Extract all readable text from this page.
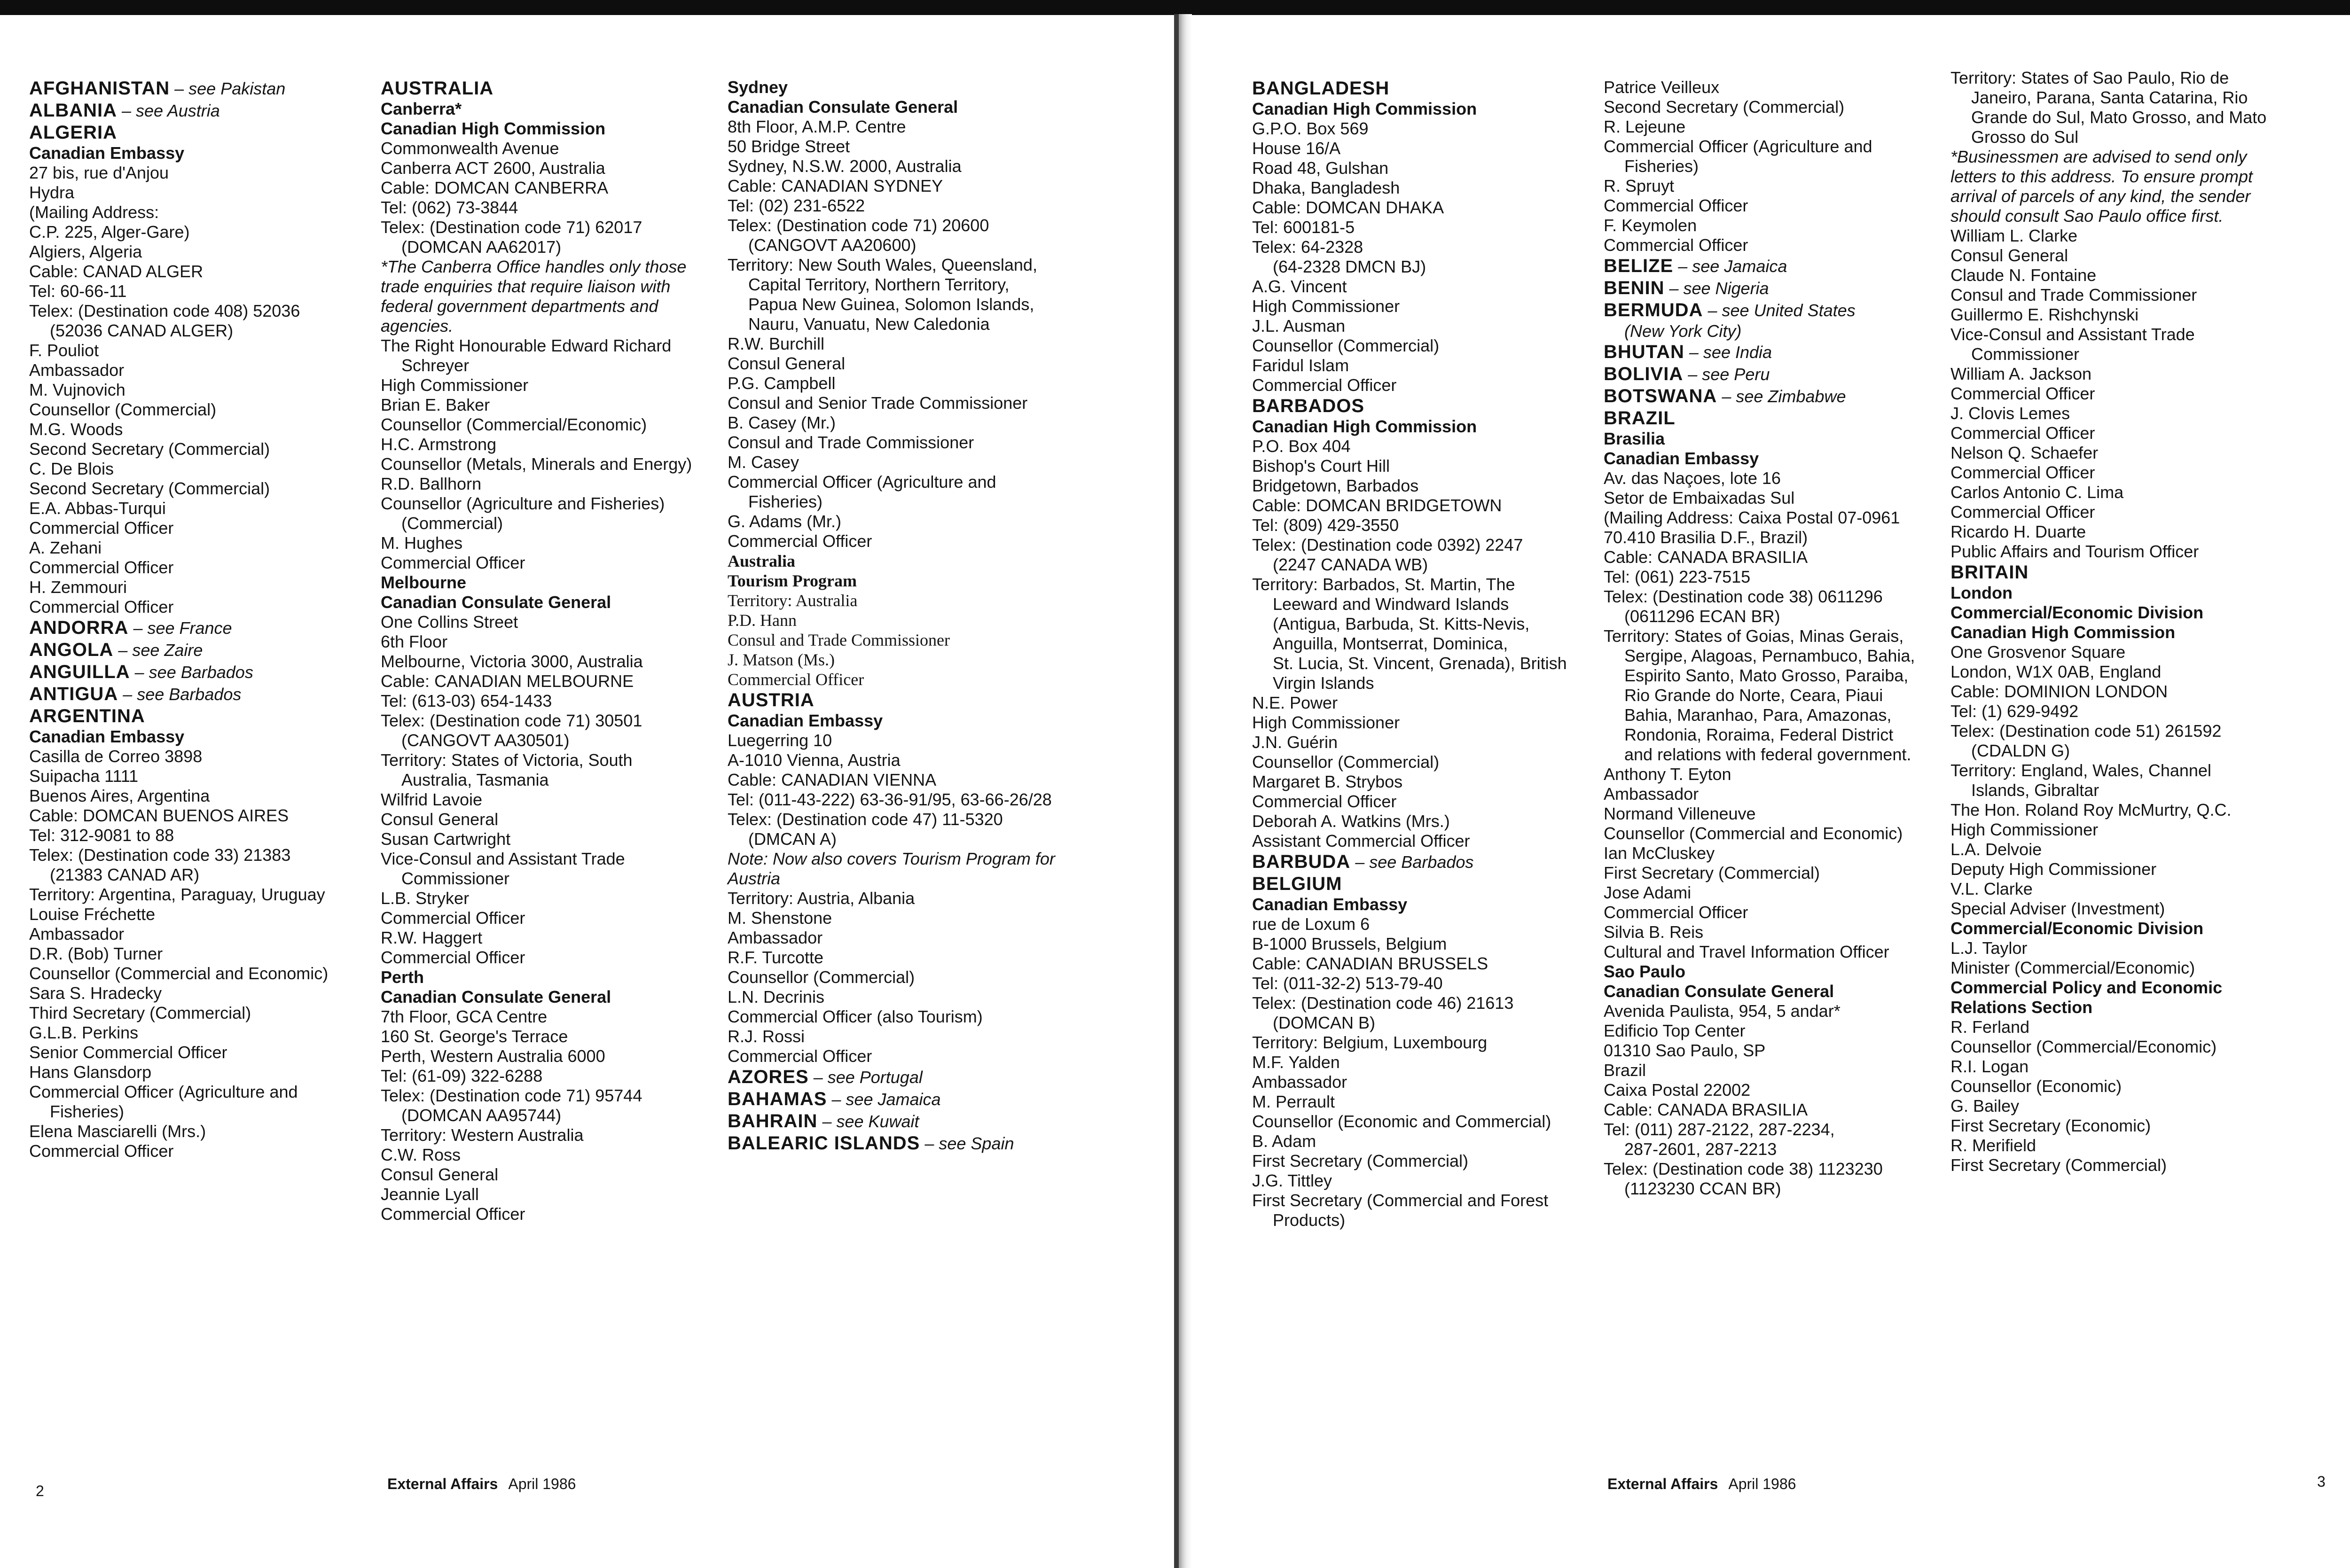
AFGHANISTAN – see Pakistan
ALBANIA – see Austria
ALGERIA
Canadian Embassy
27 bis, rue d'Anjou
Hydra
(Mailing Address:
C.P. 225, Alger-Gare)
Algiers, Algeria
Cable: CANAD ALGER
Tel: 60-66-11
Telex: (Destination code 408) 52036
(52036 CANAD ALGER)
F. Pouliot
Ambassador
M. Vujnovich
Counsellor (Commercial)
M.G. Woods
Second Secretary (Commercial)
C. De Blois
Second Secretary (Commercial)
E.A. Abbas-Turqui
Commercial Officer
A. Zehani
Commercial Officer
H. Zemmouri
Commercial Officer
ANDORRA – see France
ANGOLA – see Zaire
ANGUILLA – see Barbados
ANTIGUA – see Barbados
ARGENTINA
Canadian Embassy
Casilla de Correo 3898
Suipacha 1111
Buenos Aires, Argentina
Cable: DOMCAN BUENOS AIRES
Tel: 312-9081 to 88
Telex: (Destination code 33) 21383
(21383 CANAD AR)
Territory: Argentina, Paraguay, Uruguay
Louise Fréchette
Ambassador
D.R. (Bob) Turner
Counsellor (Commercial and Economic)
Sara S. Hradecky
Third Secretary (Commercial)
G.L.B. Perkins
Senior Commercial Officer
Hans Glansdorp
Commercial Officer (Agriculture and
Fisheries)
Elena Masciarelli (Mrs.)
Commercial Officer
AUSTRALIA
Canberra*
Canadian High Commission
Commonwealth Avenue
Canberra ACT 2600, Australia
Cable: DOMCAN CANBERRA
Tel: (062) 73-3844
Telex: (Destination code 71) 62017
(DOMCAN AA62017)
*The Canberra Office handles only those trade enquiries that require liaison with federal government departments and agencies.
The Right Honourable Edward Richard
Schreyer
High Commissioner
Brian E. Baker
Counsellor (Commercial/Economic)
H.C. Armstrong
Counsellor (Metals, Minerals and Energy)
R.D. Ballhorn
Counsellor (Agriculture and Fisheries)
(Commercial)
M. Hughes
Commercial Officer
Melbourne
Canadian Consulate General
One Collins Street
6th Floor
Melbourne, Victoria 3000, Australia
Cable: CANADIAN MELBOURNE
Tel: (613-03) 654-1433
Telex: (Destination code 71) 30501
(CANGOVT AA30501)
Territory: States of Victoria, South
Australia, Tasmania
Wilfrid Lavoie
Consul General
Susan Cartwright
Vice-Consul and Assistant Trade
Commissioner
L.B. Stryker
Commercial Officer
R.W. Haggert
Commercial Officer
Perth
Canadian Consulate General
7th Floor, GCA Centre
160 St. George's Terrace
Perth, Western Australia 6000
Tel: (61-09) 322-6288
Telex: (Destination code 71) 95744
(DOMCAN AA95744)
Territory: Western Australia
C.W. Ross
Consul General
Jeannie Lyall
Commercial Officer
Sydney
Canadian Consulate General
8th Floor, A.M.P. Centre
50 Bridge Street
Sydney, N.S.W. 2000, Australia
Cable: CANADIAN SYDNEY
Tel: (02) 231-6522
Telex: (Destination code 71) 20600
(CANGOVT AA20600)
Territory: New South Wales, Queensland,
Capital Territory, Northern Territory,
Papua New Guinea, Solomon Islands,
Nauru, Vanuatu, New Caledonia
R.W. Burchill
Consul General
P.G. Campbell
Consul and Senior Trade Commissioner
B. Casey (Mr.)
Consul and Trade Commissioner
M. Casey
Commercial Officer (Agriculture and
Fisheries)
G. Adams (Mr.)
Commercial Officer
Australia
Tourism Program
Territory: Australia
P.D. Hann
Consul and Trade Commissioner
J. Matson (Ms.)
Commercial Officer
AUSTRIA
Canadian Embassy
Luegerring 10
A-1010 Vienna, Austria
Cable: CANADIAN VIENNA
Tel: (011-43-222) 63-36-91/95, 63-66-26/28
Telex: (Destination code 47) 11-5320
(DMCAN A)
Note: Now also covers Tourism Program for Austria
Territory: Austria, Albania
M. Shenstone
Ambassador
R.F. Turcotte
Counsellor (Commercial)
L.N. Decrinis
Commercial Officer (also Tourism)
R.J. Rossi
Commercial Officer
AZORES – see Portugal
BAHAMAS – see Jamaica
BAHRAIN – see Kuwait
BALEARIC ISLANDS – see Spain
BANGLADESH
Canadian High Commission
G.P.O. Box 569
House 16/A
Road 48, Gulshan
Dhaka, Bangladesh
Cable: DOMCAN DHAKA
Tel: 600181-5
Telex: 64-2328
(64-2328 DMCN BJ)
A.G. Vincent
High Commissioner
J.L. Ausman
Counsellor (Commercial)
Faridul Islam
Commercial Officer
BARBADOS
Canadian High Commission
P.O. Box 404
Bishop's Court Hill
Bridgetown, Barbados
Cable: DOMCAN BRIDGETOWN
Tel: (809) 429-3550
Telex: (Destination code 0392) 2247
(2247 CANADA WB)
Territory: Barbados, St. Martin, The
Leeward and Windward Islands
(Antigua, Barbuda, St. Kitts-Nevis,
Anguilla, Montserrat, Dominica,
St. Lucia, St. Vincent, Grenada), British
Virgin Islands
N.E. Power
High Commissioner
J.N. Guérin
Counsellor (Commercial)
Margaret B. Strybos
Commercial Officer
Deborah A. Watkins (Mrs.)
Assistant Commercial Officer
BARBUDA – see Barbados
BELGIUM
Canadian Embassy
rue de Loxum 6
B-1000 Brussels, Belgium
Cable: CANADIAN BRUSSELS
Tel: (011-32-2) 513-79-40
Telex: (Destination code 46) 21613
(DOMCAN B)
Territory: Belgium, Luxembourg
M.F. Yalden
Ambassador
M. Perrault
Counsellor (Economic and Commercial)
B. Adam
First Secretary (Commercial)
J.G. Tittley
First Secretary (Commercial and Forest
Products)
Patrice Veilleux
Second Secretary (Commercial)
R. Lejeune
Commercial Officer (Agriculture and
Fisheries)
R. Spruyt
Commercial Officer
F. Keymolen
Commercial Officer
BELIZE – see Jamaica
BENIN – see Nigeria
BERMUDA – see United States
(New York City)
BHUTAN – see India
BOLIVIA – see Peru
BOTSWANA – see Zimbabwe
BRAZIL
Brasilia
Canadian Embassy
Av. das Naçoes, lote 16
Setor de Embaixadas Sul
(Mailing Address: Caixa Postal 07-0961
70.410 Brasilia D.F., Brazil)
Cable: CANADA BRASILIA
Tel: (061) 223-7515
Telex: (Destination code 38) 0611296
(0611296 ECAN BR)
Territory: States of Goias, Minas Gerais,
Sergipe, Alagoas, Pernambuco, Bahia,
Espirito Santo, Mato Grosso, Paraiba,
Rio Grande do Norte, Ceara, Piaui
Bahia, Maranhao, Para, Amazonas,
Rondonia, Roraima, Federal District
and relations with federal government.
Anthony T. Eyton
Ambassador
Normand Villeneuve
Counsellor (Commercial and Economic)
Ian McCluskey
First Secretary (Commercial)
Jose Adami
Commercial Officer
Silvia B. Reis
Cultural and Travel Information Officer
Sao Paulo
Canadian Consulate General
Avenida Paulista, 954, 5 andar*
Edificio Top Center
01310 Sao Paulo, SP
Brazil
Caixa Postal 22002
Cable: CANADA BRASILIA
Tel: (011) 287-2122, 287-2234,
287-2601, 287-2213
Telex: (Destination code 38) 1123230
(1123230 CCAN BR)
Territory: States of Sao Paulo, Rio de
Janeiro, Parana, Santa Catarina, Rio
Grande do Sul, Mato Grosso, and Mato
Grosso do Sul
*Businessmen are advised to send only letters to this address. To ensure prompt arrival of parcels of any kind, the sender should consult Sao Paulo office first.
William L. Clarke
Consul General
Claude N. Fontaine
Consul and Trade Commissioner
Guillermo E. Rishchynski
Vice-Consul and Assistant Trade
Commissioner
William A. Jackson
Commercial Officer
J. Clovis Lemes
Commercial Officer
Nelson Q. Schaefer
Commercial Officer
Carlos Antonio C. Lima
Commercial Officer
Ricardo H. Duarte
Public Affairs and Tourism Officer
BRITAIN
London
Commercial/Economic Division
Canadian High Commission
One Grosvenor Square
London, W1X 0AB, England
Cable: DOMINION LONDON
Tel: (1) 629-9492
Telex: (Destination code 51) 261592
(CDALDN G)
Territory: England, Wales, Channel
Islands, Gibraltar
The Hon. Roland Roy McMurtry, Q.C.
High Commissioner
L.A. Delvoie
Deputy High Commissioner
V.L. Clarke
Special Adviser (Investment)
Commercial/Economic Division
L.J. Taylor
Minister (Commercial/Economic)
Commercial Policy and Economic
Relations Section
R. Ferland
Counsellor (Commercial/Economic)
R.I. Logan
Counsellor (Economic)
G. Bailey
First Secretary (Economic)
R. Merifield
First Secretary (Commercial)
2	External Affairs April 1986	External Affairs April 1986	3
